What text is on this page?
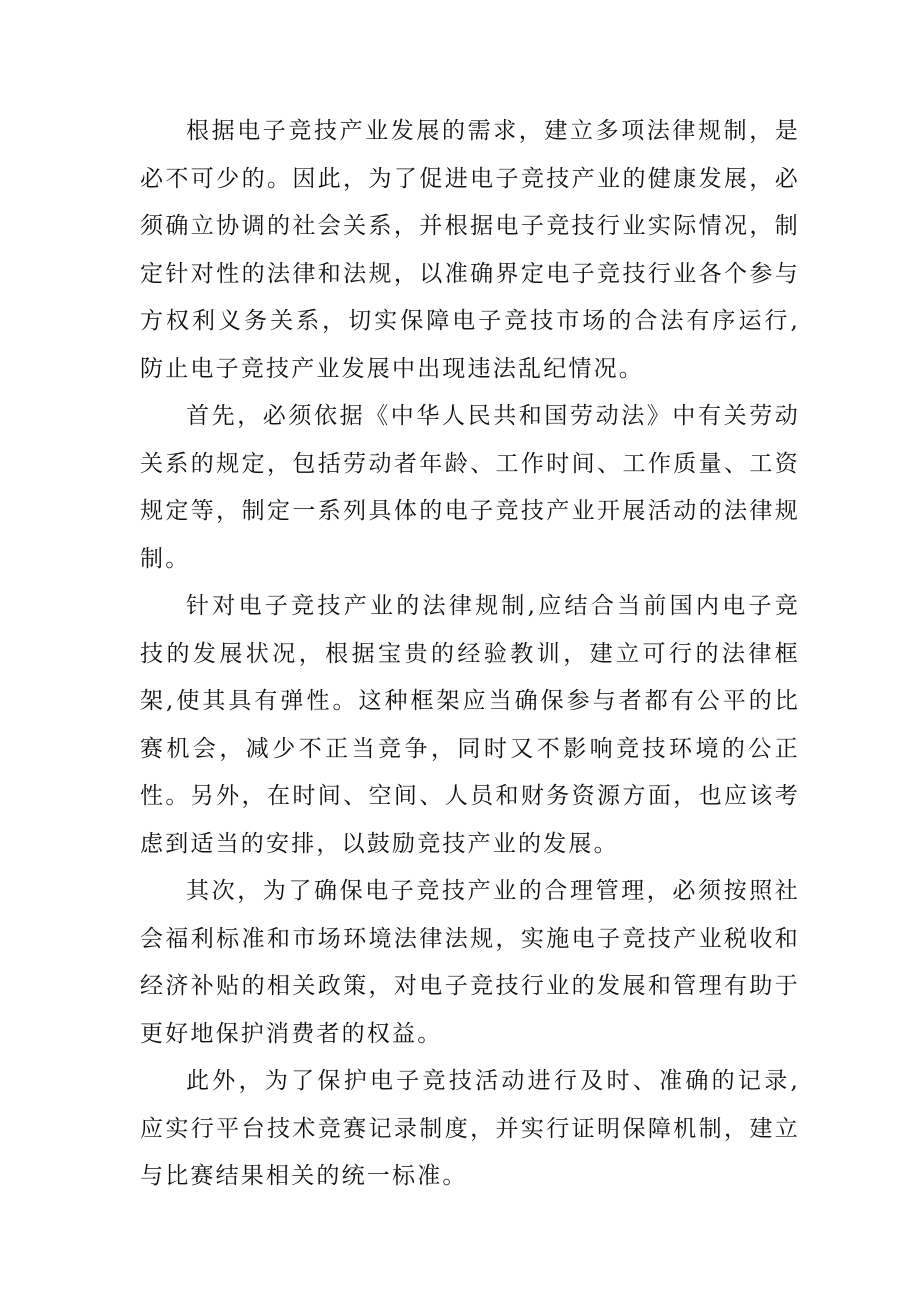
根据电子竞技产业发展的需求，建立多项法律规制，是必不可少的。因此，为了促进电子竞技产业的健康发展，必须确立协调的社会关系，并根据电子竞技行业实际情况，制定针对性的法律和法规，以准确界定电子竞技行业各个参与方权利义务关系，切实保障电子竞技市场的合法有序运行,防止电子竞技产业发展中出现违法乱纪情况。

首先，必须依据《中华人民共和国劳动法》中有关劳动关系的规定，包括劳动者年龄、工作时间、工作质量、工资规定等，制定一系列具体的电子竞技产业开展活动的法律规制。

针对电子竞技产业的法律规制,应结合当前国内电子竞技的发展状况，根据宝贵的经验教训，建立可行的法律框架,使其具有弹性。这种框架应当确保参与者都有公平的比赛机会，减少不正当竞争，同时又不影响竞技环境的公正性。另外，在时间、空间、人员和财务资源方面，也应该考虑到适当的安排，以鼓励竞技产业的发展。

其次，为了确保电子竞技产业的合理管理，必须按照社会福利标准和市场环境法律法规，实施电子竞技产业税收和经济补贴的相关政策，对电子竞技行业的发展和管理有助于更好地保护消费者的权益。

此外，为了保护电子竞技活动进行及时、准确的记录,应实行平台技术竞赛记录制度，并实行证明保障机制，建立与比赛结果相关的统一标准。
